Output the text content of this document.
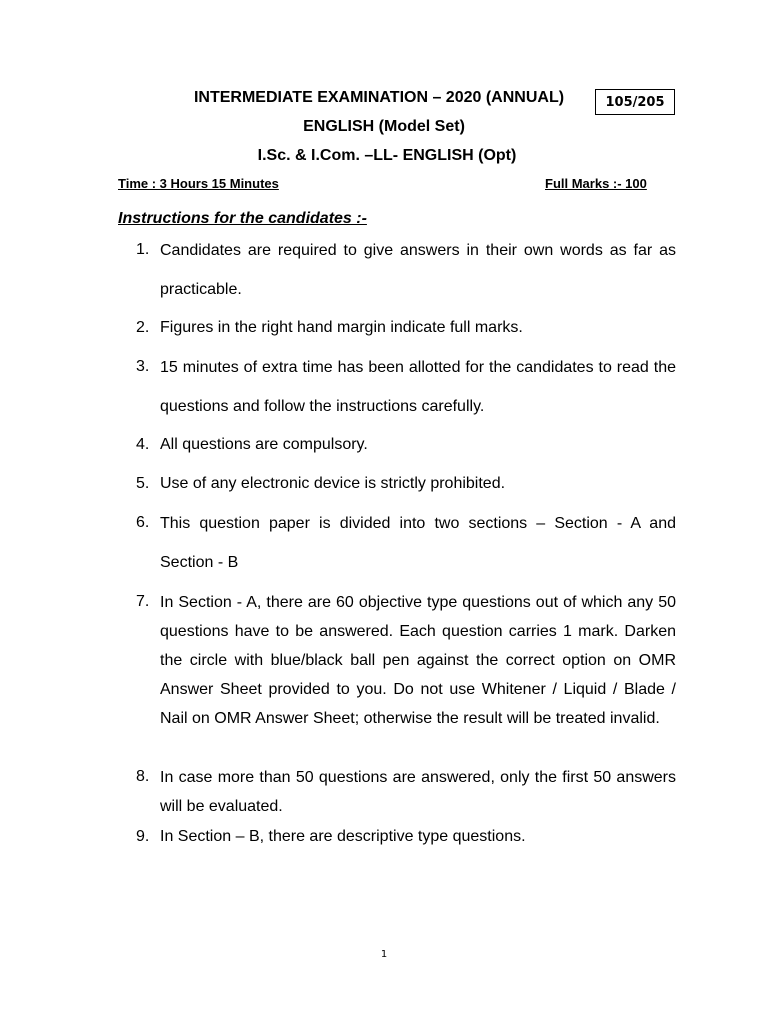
INTERMEDIATE EXAMINATION – 2020 (ANNUAL)	105/205
ENGLISH (Model Set)
I.Sc. & I.Com. –LL- ENGLISH (Opt)
Time : 3 Hours 15 Minutes	Full Marks :- 100
Instructions for the candidates :-
1. Candidates are required to give answers in their own words as far as practicable.
2. Figures in the right hand margin indicate full marks.
3. 15 minutes of extra time has been allotted for the candidates to read the questions and follow the instructions carefully.
4. All questions are compulsory.
5. Use of any electronic device is strictly prohibited.
6. This question paper is divided into two sections – Section - A and Section - B
7. In Section - A, there are 60 objective type questions out of which any 50 questions have to be answered. Each question carries 1 mark. Darken the circle with blue/black ball pen against the correct option on OMR Answer Sheet provided to you. Do not use Whitener / Liquid / Blade / Nail on OMR Answer Sheet; otherwise the result will be treated invalid.
8. In case more than 50 questions are answered, only the first 50 answers will be evaluated.
9. In Section – B, there are descriptive type questions.
1
